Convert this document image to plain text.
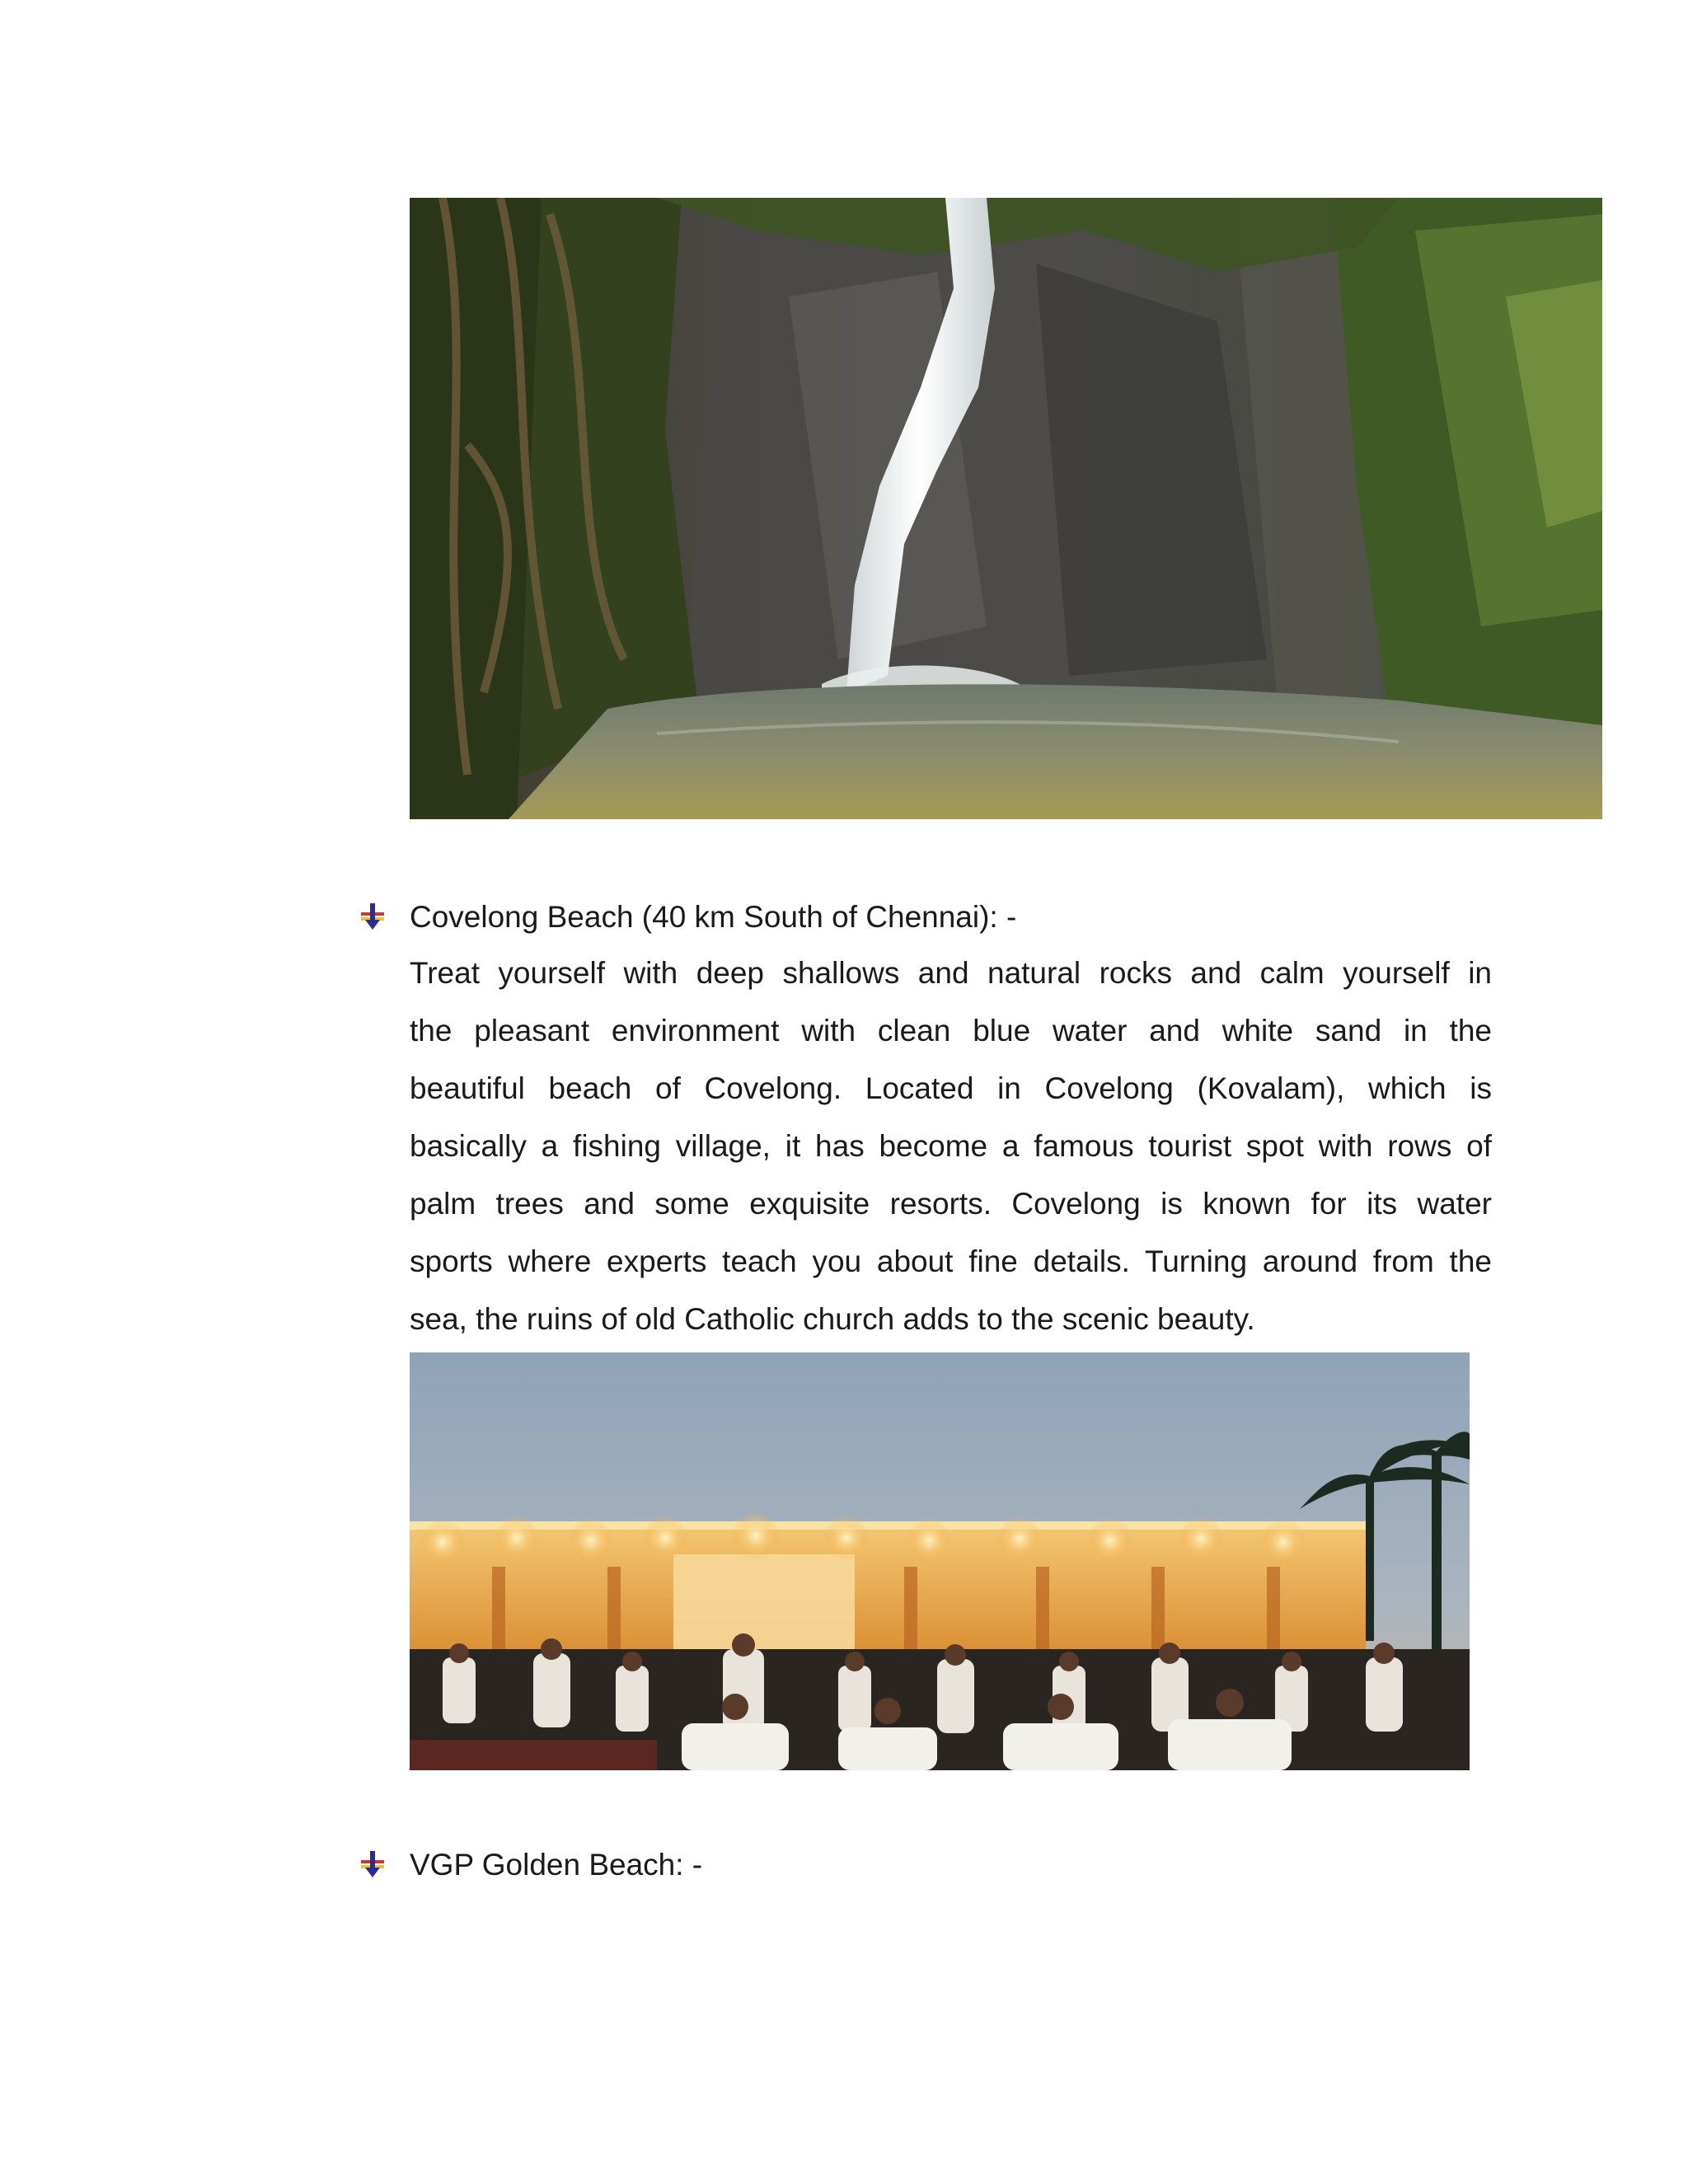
Covelong Beach (40 km South of Chennai): -
Treat yourself with deep shallows and natural rocks and calm yourself in
the pleasant environment with clean blue water and white sand in the
beautiful beach of Covelong. Located in Covelong (Kovalam), which is
basically a fishing village, it has become a famous tourist spot with rows of
palm trees and some exquisite resorts. Covelong is known for its water
sports where experts teach you about fine details. Turning around from the
sea, the ruins of old Catholic church adds to the scenic beauty.
VGP Golden Beach: -
